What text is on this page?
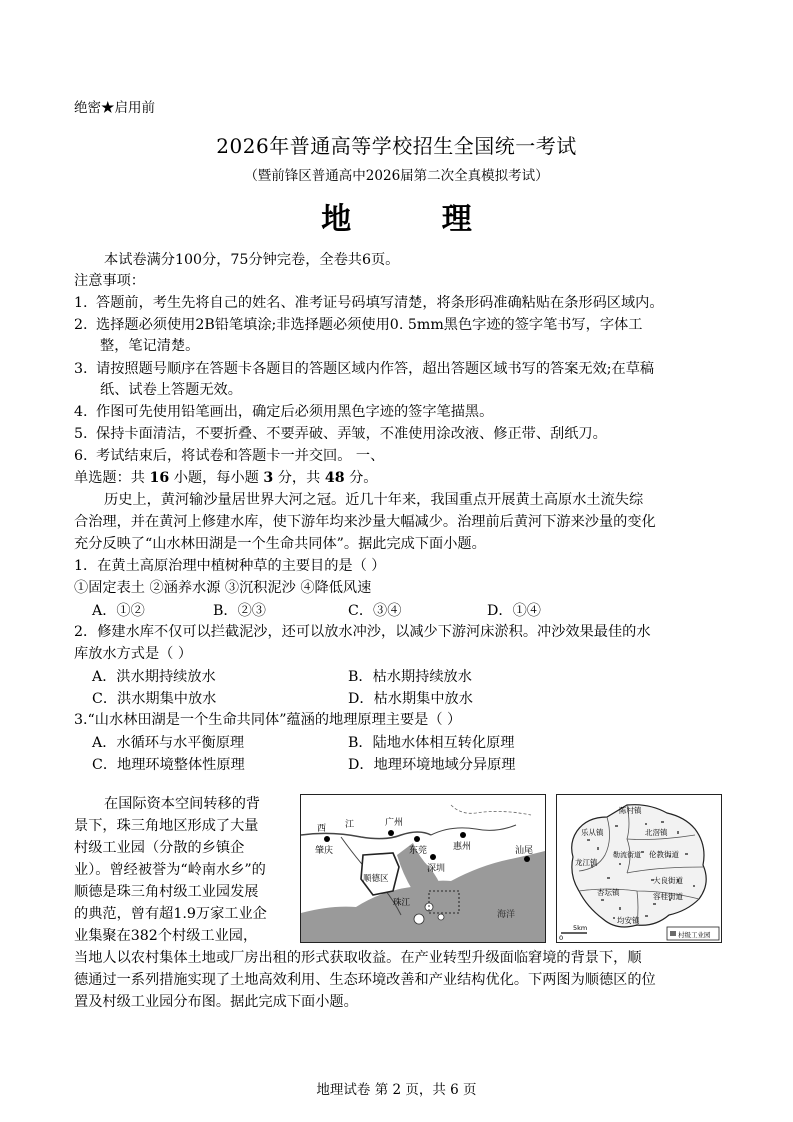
绝密★启用前
2026年普通高等学校招生全国统一考试
（暨前锋区普通高中2026届第二次全真模拟考试）
地 理
本试卷满分100分，75分钟完卷，全卷共6页。
注意事项：
1. 答题前，考生先将自己的姓名、准考证号码填写清楚，将条形码准确粘贴在条形码区域内。
2. 选择题必须使用2B铅笔填涂;非选择题必须使用0. 5mm黑色字迹的签字笔书写，字体工
整，笔记清楚。
3. 请按照题号顺序在答题卡各题目的答题区域内作答，超出答题区域书写的答案无效;在草稿
纸、试卷上答题无效。
4. 作图可先使用铅笔画出，确定后必须用黑色字迹的签字笔描黑。
5. 保持卡面清洁，不要折叠、不要弄破、弄皱，不准使用涂改液、修正带、刮纸刀。
6. 考试结束后，将试卷和答题卡一并交回。 一、
单选题：共 16 小题，每小题 3 分，共 48 分。
历史上，黄河输沙量居世界大河之冠。近几十年来，我国重点开展黄土高原水土流失综
合治理，并在黄河上修建水库，使下游年均来沙量大幅减少。治理前后黄河下游来沙量的变化
充分反映了“山水林田湖是一个生命共同体”。据此完成下面小题。
1．在黄土高原治理中植树种草的主要目的是（ ）
①固定表土 ②涵养水源 ③沉积泥沙 ④降低风速
A．①②	B．②③	C．③④	D．①④
2．修建水库不仅可以拦截泥沙，还可以放水冲沙，以减少下游河床淤积。冲沙效果最佳的水
库放水方式是（ ）
A．洪水期持续放水	B．枯水期持续放水
C．洪水期集中放水	D．枯水期集中放水
3.“山水林田湖是一个生命共同体”蕴涵的地理原理主要是（ ）
A．水循环与水平衡原理	B．陆地水体相互转化原理
C．地理环境整体性原理	D．地理环境地域分异原理
在国际资本空间转移的背
景下，珠三角地区形成了大量
村级工业园（分散的乡镇企
业）。曾经被誉为“岭南水乡”的
顺德是珠三角村级工业园发展
的典范，曾有超1.9万家工业企
业集聚在382个村级工业园，
当地人以农村集体土地或厂房出租的形式获取收益。在产业转型升级面临窘境的背景下，顺
德通过一系列措施实现了土地高效利用、生态环境改善和产业结构优化。下两图为顺德区的位
置及村级工业园分布图。据此完成下面小题。
西 江	广州
肇庆	东莞	惠州
深圳
汕尾
顺德区
珠江
海洋
陈村镇
乐从镇	北滘镇
勒流街道 伦教街道
龙江镇
大良街道
杏坛镇	容桂街道
均安镇
0
5km
村级工业园
地理试卷 第 2 页，共 6 页
